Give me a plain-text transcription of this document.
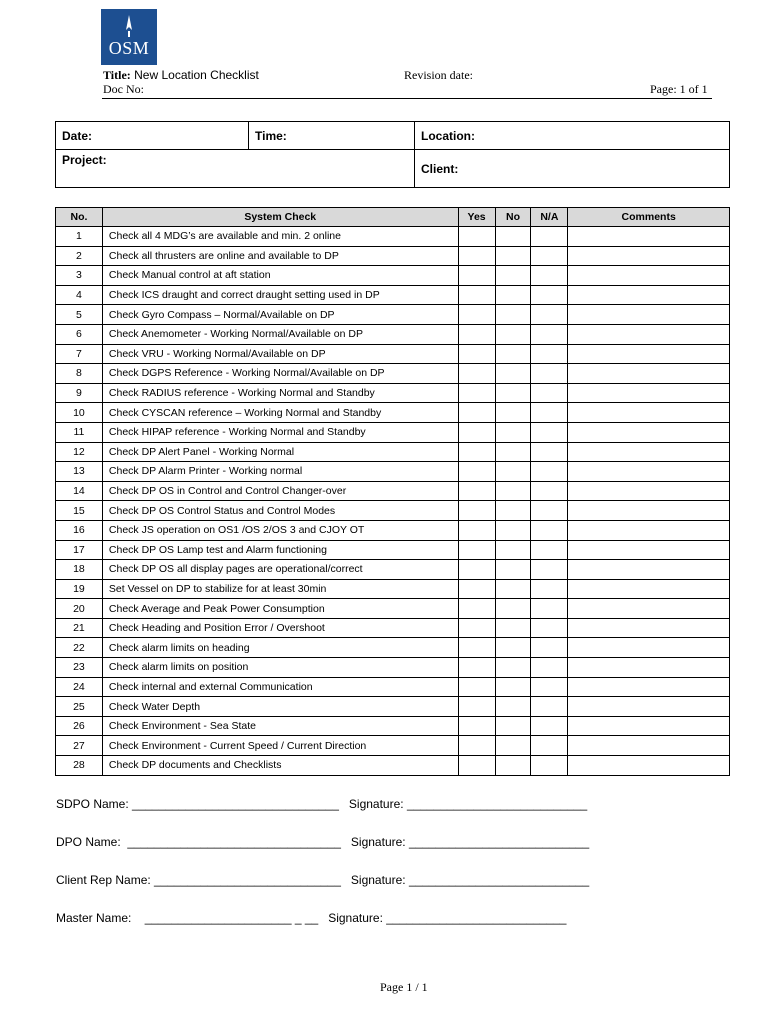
OSM
Title: New Location Checklist	Revision date:
Doc No:	Page: 1 of 1
Date:	Time:	Location:
Project:		Client:
No.	System Check	Yes	No	N/A	Comments
1	Check all 4 MDG’s are available and min. 2 online				
2	Check all thrusters are online and available to DP				
3	Check Manual control at aft station				
4	Check ICS draught and correct draught setting used in DP				
5	Check Gyro Compass – Normal/Available on DP				
6	Check Anemometer - Working Normal/Available on DP				
7	Check VRU - Working Normal/Available on DP				
8	Check DGPS Reference - Working Normal/Available on DP				
9	Check RADIUS reference - Working Normal and Standby				
10	Check CYSCAN reference – Working Normal and Standby				
11	Check HIPAP reference - Working Normal and Standby				
12	Check DP Alert Panel - Working Normal				
13	Check DP Alarm Printer - Working normal				
14	Check DP OS in Control and Control Changer-over				
15	Check DP OS Control Status and Control Modes				
16	Check JS operation on OS1 /OS 2/OS 3 and CJOY OT				
17	Check DP OS Lamp test and Alarm functioning				
18	Check DP OS all display pages are operational/correct				
19	Set Vessel on DP to stabilize for at least 30min				
20	Check Average and Peak Power Consumption				
21	Check Heading and Position Error / Overshoot				
22	Check alarm limits on heading				
23	Check alarm limits on position				
24	Check internal and external Communication				
25	Check Water Depth				
26	Check Environment - Sea State				
27	Check Environment - Current Speed / Current Direction				
28	Check DP documents and Checklists				
SDPO Name: _______________________________   Signature: ___________________________
DPO Name:  ________________________________   Signature: ___________________________
Client Rep Name: ____________________________   Signature: ___________________________
Master Name:    ______________________ _ __   Signature: ___________________________
Page 1 / 1
